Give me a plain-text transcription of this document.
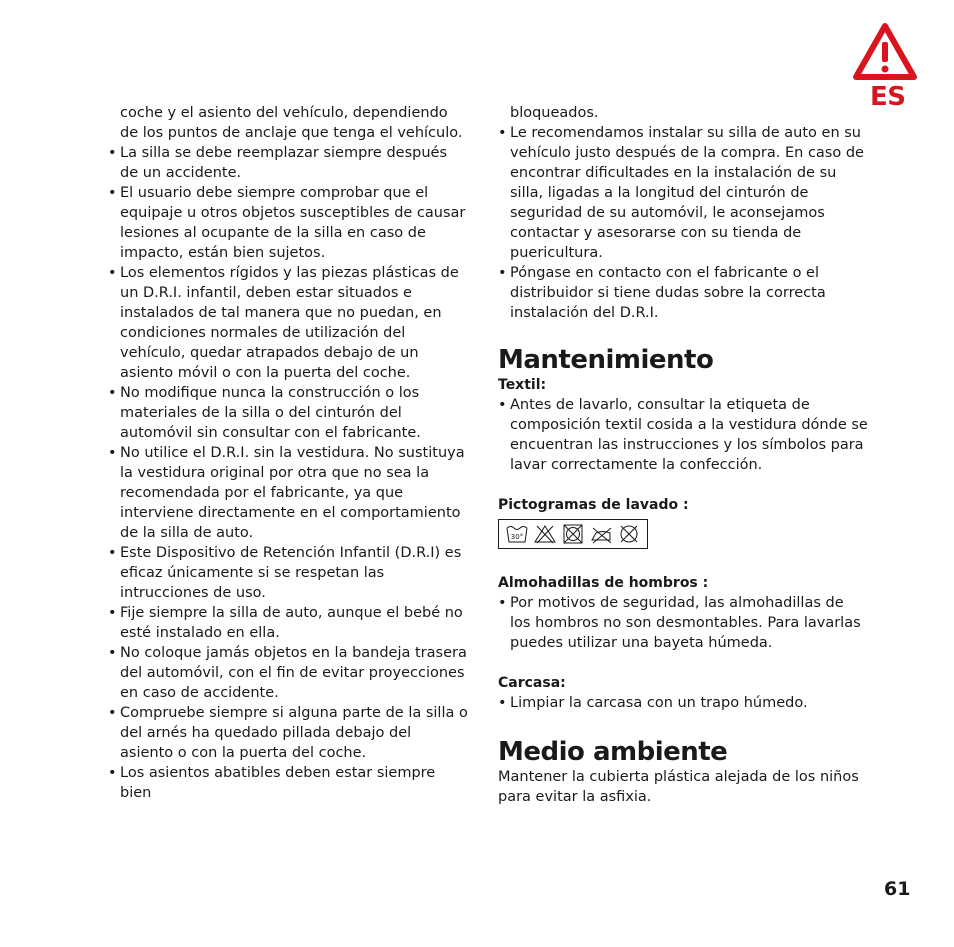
ES

coche y el asiento del vehículo, dependiendo de los puntos de anclaje que tenga el vehículo.

• La silla se debe reemplazar siempre después de un accidente.

• El usuario debe siempre comprobar que el equipaje u otros objetos susceptibles de causar lesiones al ocupante de la silla en caso de impacto, están bien sujetos.

• Los elementos rígidos y las piezas plásticas de un D.R.I. infantil, deben estar situados e instalados de tal manera que no puedan, en condiciones normales de utilización del vehículo, quedar atrapados debajo de un asiento móvil o con la puerta del coche.

• No modifique nunca la construcción o los materiales de la silla o del cinturón del automóvil sin consultar con el fabricante.

• No utilice el D.R.I. sin la vestidura. No sustituya la vestidura original por otra que no sea la recomendada por el fabricante, ya que interviene directamente en el comportamiento de la silla de auto.

• Este Dispositivo de Retención Infantil (D.R.I) es eficaz únicamente si se respetan las intrucciones de uso.

• Fije siempre la silla de auto, aunque el bebé no esté instalado en ella.

• No coloque jamás objetos en la bandeja trasera del automóvil, con el fin de evitar proyecciones en caso de accidente.

• Compruebe siempre si alguna parte de la silla o del arnés ha quedado pillada debajo del asiento o con la puerta del coche.

• Los asientos abatibles deben estar siempre bien

bloqueados.

• Le recomendamos instalar su silla de auto en su vehículo justo después de la compra. En caso de encontrar dificultades en la instalación de su silla, ligadas a la longitud del cinturón de seguridad de su automóvil, le aconsejamos contactar y asesorarse con su tienda de puericultura.

• Póngase en contacto con el fabricante o el distribuidor si tiene dudas sobre la correcta instalación del D.R.I.

Mantenimiento

Textil:

• Antes de lavarlo, consultar la etiqueta de composición textil cosida a la vestidura dónde se encuentran las instrucciones y los símbolos para lavar correctamente la confección.

Pictogramas de lavado :

30°

Almohadillas de hombros :

• Por motivos de seguridad, las almohadillas de los hombros no son desmontables. Para lavarlas puedes utilizar una bayeta húmeda.

Carcasa:

• Limpiar la carcasa con un trapo húmedo.

Medio ambiente

Mantener la cubierta plástica alejada de los niños para evitar la asfixia.

61
